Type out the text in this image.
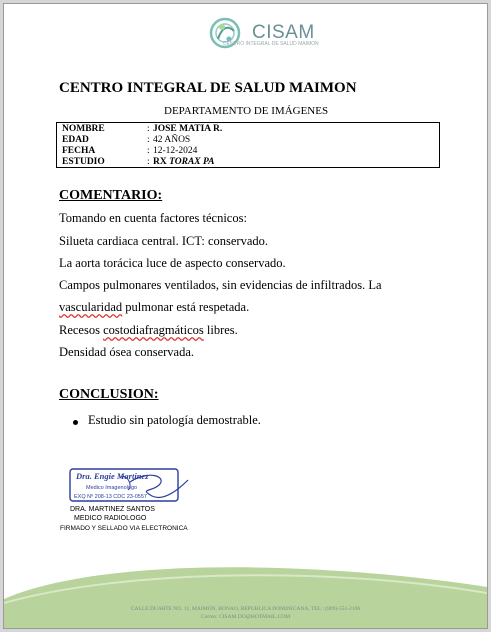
CISAM
CENTRO INTEGRAL DE SALUD MAIMON
CENTRO INTEGRAL DE SALUD MAIMON
DEPARTAMENTO DE IMÁGENES
NOMBRE	: JOSE MATIA R.
EDAD	: 42 AÑOS
FECHA	: 12-12-2024
ESTUDIO	: RX TORAX PA
COMENTARIO:
Tomando en cuenta factores técnicos:
Silueta cardiaca central. ICT: conservado.
La aorta torácica luce de aspecto conservado.
Campos pulmonares ventilados, sin evidencias de infiltrados. La
vascularidad pulmonar está respetada.
Recesos costodiafragmáticos libres.
Densidad ósea conservada.
CONCLUSION:
Estudio sin patología demostrable.
Dra. Engie Martinez
Medico Imagenologo
EXQ Nº 208-13 CDC 23-0557
DRA. MARTINEZ SANTOS
MEDICO RADIOLOGO
FIRMADO Y SELLADO VIA ELECTRONICA
CALLE DUARTE NO. 11, MAIMÓN, BONAO, REPUBLICA DOMINICANA, TEL.: (809)-551-2106
Correo: CISAM.DO@HOTMAIL.COM
